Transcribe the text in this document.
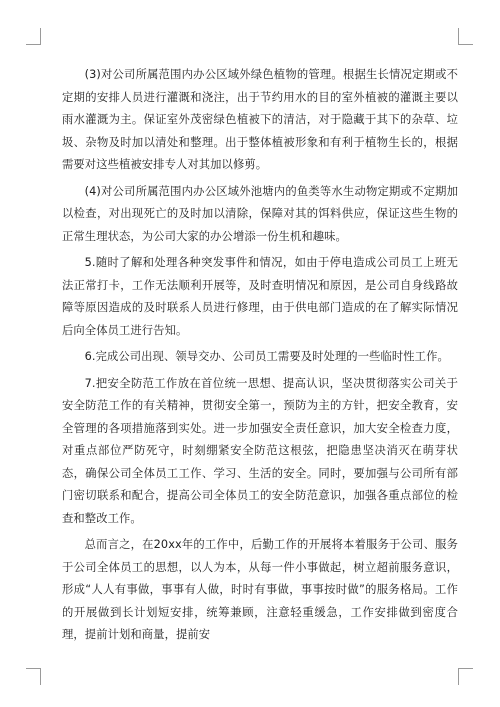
(3)对公司所属范围内办公区域外绿色植物的管理。根据生长情况定期或不定期的安排人员进行灌溉和浇注，出于节约用水的目的室外植被的灌溉主要以雨水灌溉为主。保证室外茂密绿色植被下的清洁，对于隐藏于其下的杂草、垃圾、杂物及时加以清处和整理。出于整体植被形象和有利于植物生长的，根据需要对这些植被安排专人对其加以修剪。

(4)对公司所属范围内办公区域外池塘内的鱼类等水生动物定期或不定期加以检查，对出现死亡的及时加以清除，保障对其的饵料供应，保证这些生物的正常生理状态，为公司大家的办公增添一份生机和趣味。

5.随时了解和处理各种突发事件和情况，如由于停电造成公司员工上班无法正常打卡，工作无法顺利开展等，及时查明情况和原因，是公司自身线路故障等原因造成的及时联系人员进行修理，由于供电部门造成的在了解实际情况后向全体员工进行告知。

6.完成公司出现、领导交办、公司员工需要及时处理的一些临时性工作。

7.把安全防范工作放在首位统一思想、提高认识，坚决贯彻落实公司关于安全防范工作的有关精神，贯彻安全第一，预防为主的方针，把安全教育，安全管理的各项措施落到实处。进一步加强安全责任意识，加大安全检查力度，对重点部位严防死守，时刻绷紧安全防范这根弦，把隐患坚决消灭在萌芽状态，确保公司全体员工工作、学习、生活的安全。同时，要加强与公司所有部门密切联系和配合，提高公司全体员工的安全防范意识，加强各重点部位的检查和整改工作。

总而言之，在20xx年的工作中，后勤工作的开展将本着服务于公司、服务于公司全体员工的思想，以人为本，从每一件小事做起，树立超前服务意识，形成“人人有事做，事事有人做，时时有事做，事事按时做”的服务格局。工作的开展做到长计划短安排，统筹兼顾，注意轻重缓急，工作安排做到密度合理，提前计划和商量，提前安
